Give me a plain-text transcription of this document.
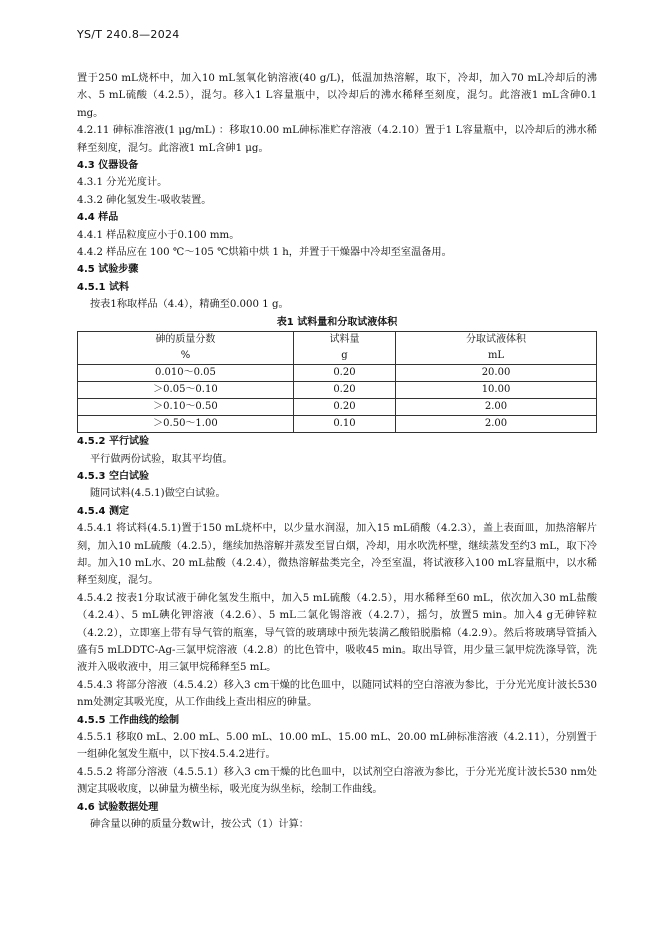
YS/T 240.8—2024

置于250 mL烧杯中，加入10 mL氢氧化钠溶液(40 g/L)，低温加热溶解，取下，冷却，加入70 mL冷却后的沸水、5 mL硫酸（4.2.5），混匀。移入1 L容量瓶中，以冷却后的沸水稀释至刻度，混匀。此溶液1 mL含砷0.1 mg。

4.2.11 砷标准溶液(1 μg/mL) ：移取10.00 mL砷标准贮存溶液（4.2.10）置于1 L容量瓶中，以冷却后的沸水稀释至刻度，混匀。此溶液1 mL含砷1 μg。

4.3 仪器设备

4.3.1 分光光度计。

4.3.2 砷化氢发生-吸收装置。

4.4 样品

4.4.1 样品粒度应小于0.100 mm。

4.4.2 样品应在 100 ℃～105 ℃烘箱中烘 1 h，并置于干燥器中冷却至室温备用。

4.5 试验步骤

4.5.1 试料

按表1称取样品（4.4），精确至0.000 1 g。

表1 试料量和分取试液体积

砷的质量分数	试料量	分取试液体积
%	g	mL
0.010～0.05	0.20	20.00
＞0.05～0.10	0.20	10.00
＞0.10～0.50	0.20	2.00
＞0.50～1.00	0.10	2.00

4.5.2 平行试验

平行做两份试验，取其平均值。

4.5.3 空白试验

随同试料(4.5.1)做空白试验。

4.5.4 测定

4.5.4.1 将试料(4.5.1)置于150 mL烧杯中，以少量水润湿，加入15 mL硝酸（4.2.3），盖上表面皿，加热溶解片刻，加入10 mL硫酸（4.2.5），继续加热溶解并蒸发至冒白烟，冷却，用水吹洗杯壁，继续蒸发至约3 mL，取下冷却。加入10 mL水、20 mL盐酸（4.2.4），微热溶解盐类完全，冷至室温，将试液移入100 mL容量瓶中，以水稀释至刻度，混匀。

4.5.4.2 按表1分取试液于砷化氢发生瓶中，加入5 mL硫酸（4.2.5），用水稀释至60 mL，依次加入30 mL盐酸（4.2.4）、5 mL碘化钾溶液（4.2.6）、5 mL二氯化锡溶液（4.2.7），摇匀，放置5 min。加入4 g无砷锌粒（4.2.2），立即塞上带有导气管的瓶塞，导气管的玻璃球中预先装满乙酸铅脱脂棉（4.2.9）。然后将玻璃导管插入盛有5 mLDDTC-Ag-三氯甲烷溶液（4.2.8）的比色管中，吸收45 min。取出导管，用少量三氯甲烷洗涤导管，洗液并入吸收液中，用三氯甲烷稀释至5 mL。

4.5.4.3 将部分溶液（4.5.4.2）移入3 cm干燥的比色皿中，以随同试料的空白溶液为参比，于分光光度计波长530 nm处测定其吸光度，从工作曲线上查出相应的砷量。

4.5.5 工作曲线的绘制

4.5.5.1 移取0 mL、2.00 mL、5.00 mL、10.00 mL、15.00 mL、20.00 mL砷标准溶液（4.2.11），分别置于一组砷化氢发生瓶中，以下按4.5.4.2进行。

4.5.5.2 将部分溶液（4.5.5.1）移入3 cm干燥的比色皿中，以试剂空白溶液为参比，于分光光度计波长530 nm处测定其吸收度，以砷量为横坐标，吸光度为纵坐标，绘制工作曲线。

4.6 试验数据处理

砷含量以砷的质量分数w计，按公式（1）计算：
